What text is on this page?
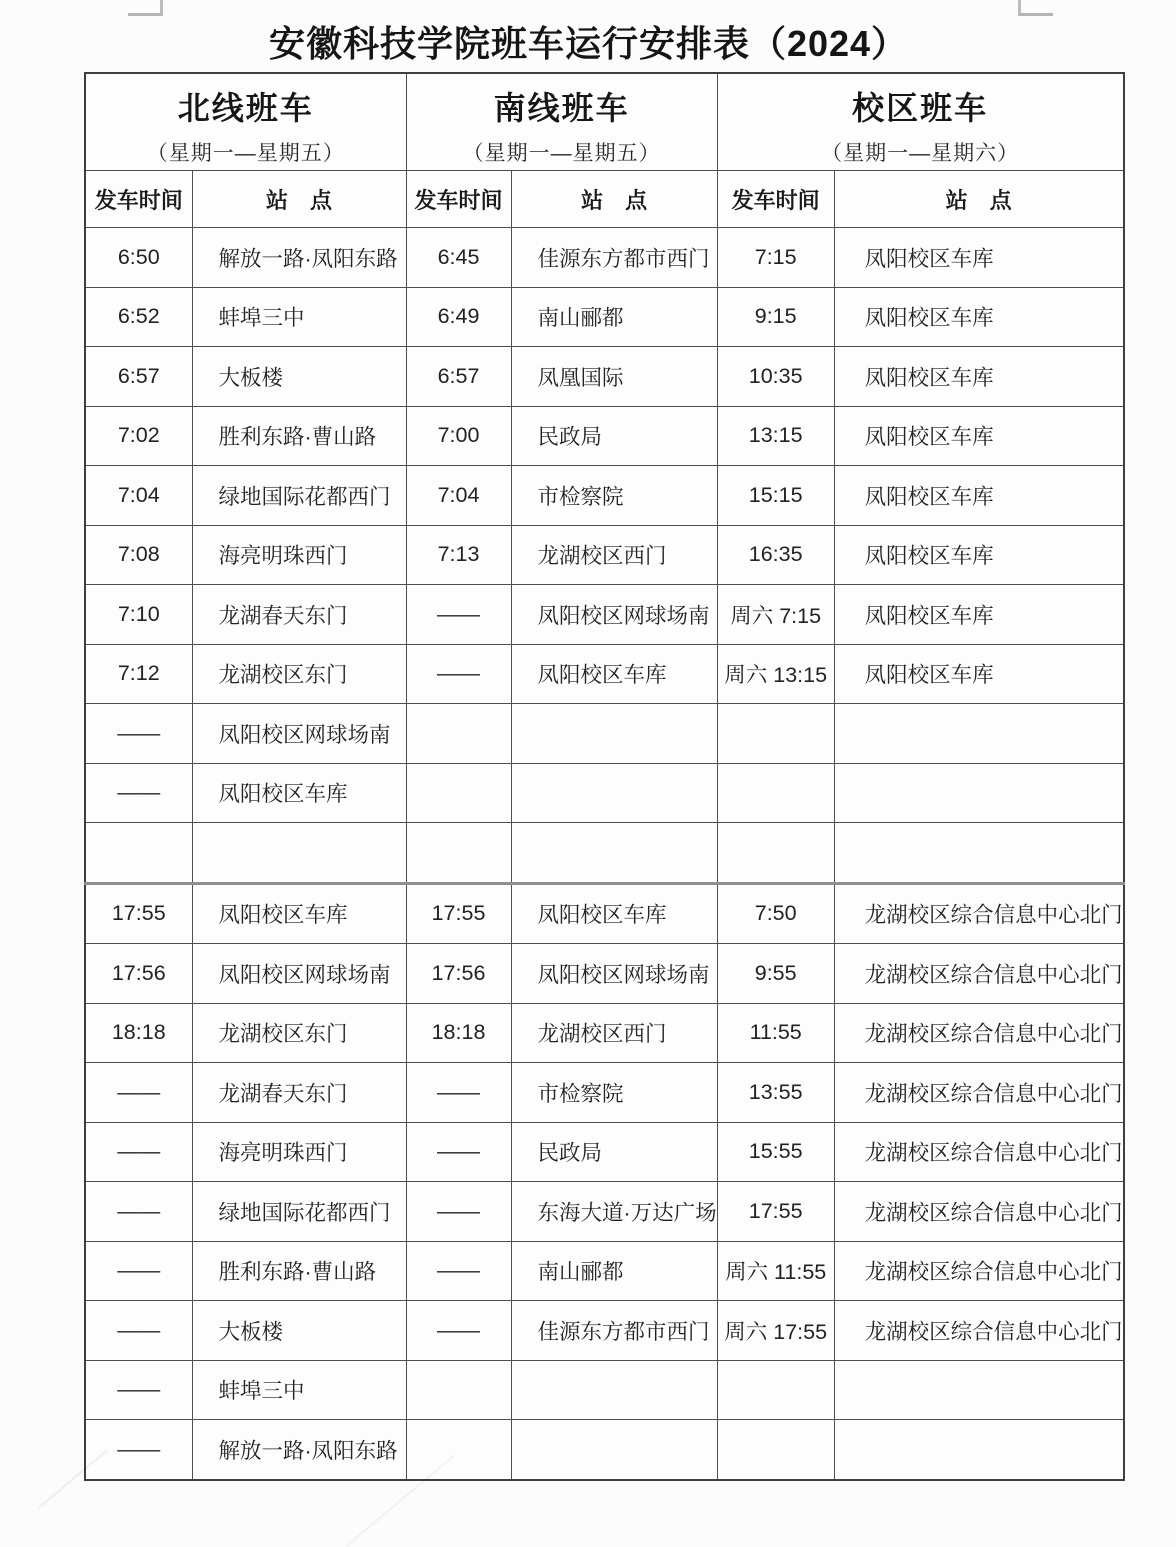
安徽科技学院班车运行安排表（2024）
北线班车
（星期一—星期五）

南线班车
（星期一—星期五）

校区班车
（星期一—星期六）

发车时间	站　点	发车时间	站　点	发车时间	站　点
6:50	解放一路·凤阳东路	6:45	佳源东方都市西门	7:15	凤阳校区车库
6:52	蚌埠三中	6:49	南山郦都	9:15	凤阳校区车库
6:57	大板楼	6:57	凤凰国际	10:35	凤阳校区车库
7:02	胜利东路·曹山路	7:00	民政局	13:15	凤阳校区车库
7:04	绿地国际花都西门	7:04	市检察院	15:15	凤阳校区车库
7:08	海亮明珠西门	7:13	龙湖校区西门	16:35	凤阳校区车库
7:10	龙湖春天东门	——	凤阳校区网球场南	周六 7:15	凤阳校区车库
7:12	龙湖校区东门	——	凤阳校区车库	周六 13:15	凤阳校区车库
——	凤阳校区网球场南				
——	凤阳校区车库				

17:55	凤阳校区车库	17:55	凤阳校区车库	7:50	龙湖校区综合信息中心北门
17:56	凤阳校区网球场南	17:56	凤阳校区网球场南	9:55	龙湖校区综合信息中心北门
18:18	龙湖校区东门	18:18	龙湖校区西门	11:55	龙湖校区综合信息中心北门
——	龙湖春天东门	——	市检察院	13:55	龙湖校区综合信息中心北门
——	海亮明珠西门	——	民政局	15:55	龙湖校区综合信息中心北门
——	绿地国际花都西门	——	东海大道·万达广场	17:55	龙湖校区综合信息中心北门
——	胜利东路·曹山路	——	南山郦都	周六 11:55	龙湖校区综合信息中心北门
——	大板楼	——	佳源东方都市西门	周六 17:55	龙湖校区综合信息中心北门
——	蚌埠三中				
——	解放一路·凤阳东路				
